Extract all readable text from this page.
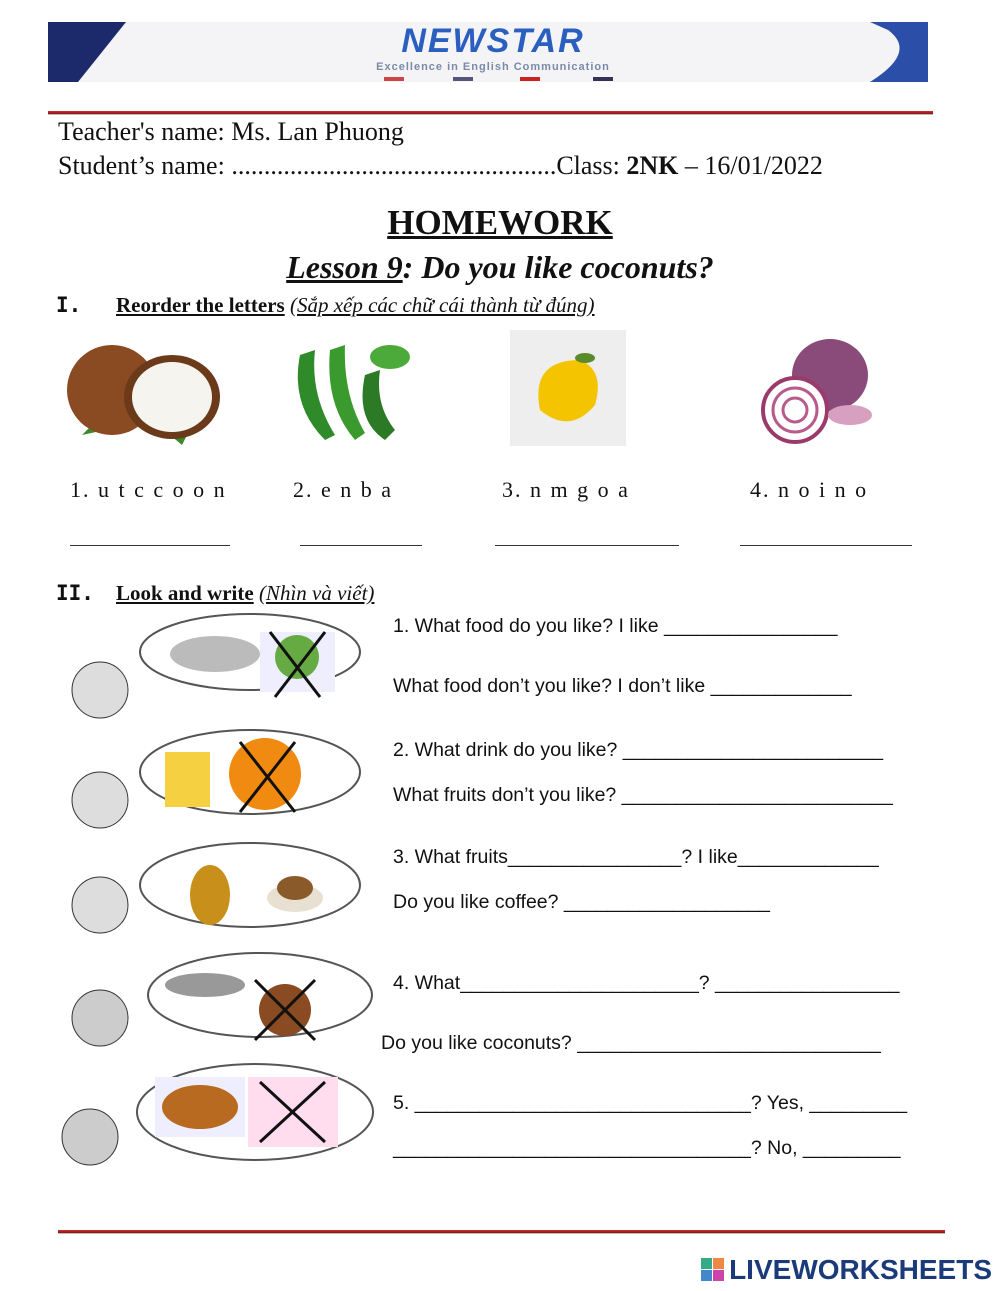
NEWSTAR
Excellence in English Communication
Teacher's name: Ms. Lan Phuong
Student’s name: ..................................................Class: 2NK – 16/01/2022
HOMEWORK
Lesson 9: Do you like coconuts?
I. Reorder the letters (Sắp xếp các chữ cái thành từ đúng)
1. u t c c o o n	2. e n b a	3. n m g o a	4. n o i n o
II. Look and write (Nhìn và viết)
1. What food do you like? I like ________________
What food don’t you like? I don’t like _____________
2. What drink do you like? ________________________
What fruits don’t you like? _________________________
3. What fruits________________? I like_____________
Do you like coffee? ___________________
4. What______________________? _________________
Do you like coconuts? ____________________________
5. _______________________________? Yes, _________
_________________________________? No, _________
LIVEWORKSHEETS
